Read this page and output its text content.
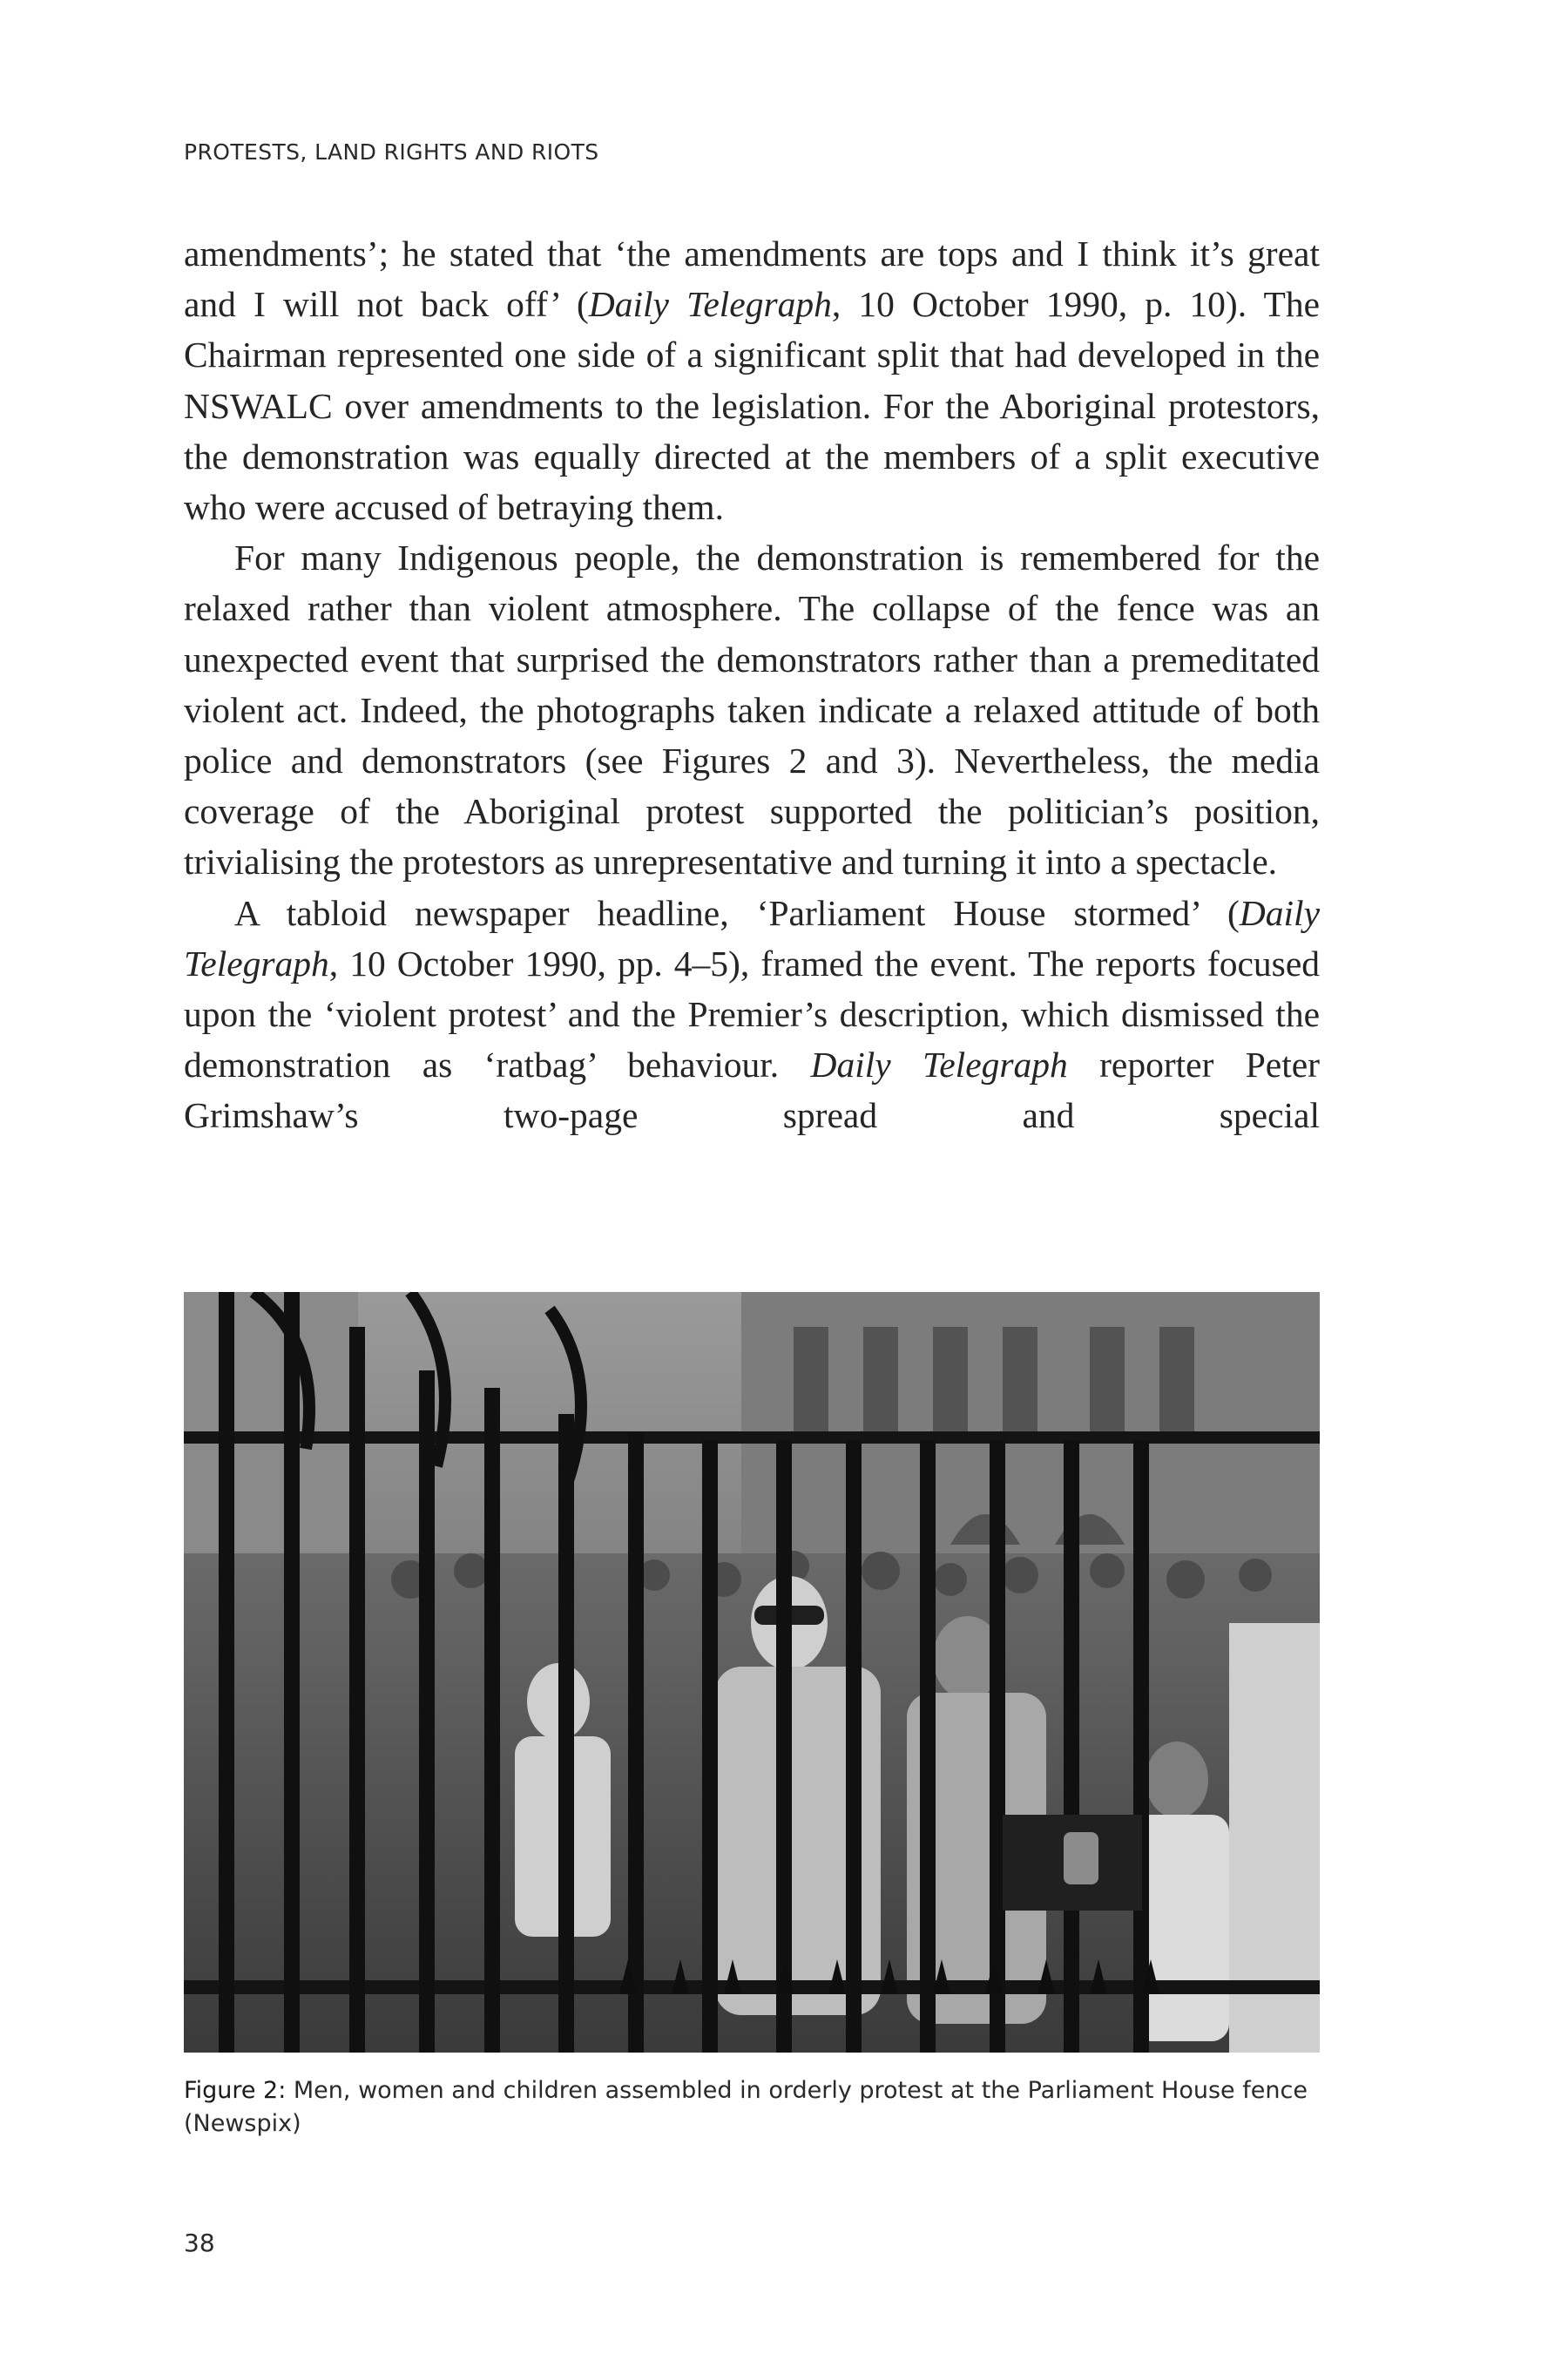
PROTESTS, LAND RIGHTS AND RIOTS

amendments’; he stated that ‘the amendments are tops and I think it’s great and I will not back off’ (Daily Telegraph, 10 October 1990, p. 10). The Chairman represented one side of a significant split that had developed in the NSWALC over amendments to the legislation. For the Aboriginal protestors, the demonstration was equally directed at the members of a split executive who were accused of betraying them.

For many Indigenous people, the demonstration is remembered for the relaxed rather than violent atmosphere. The collapse of the fence was an unexpected event that surprised the demonstrators rather than a premeditated violent act. Indeed, the photographs taken indicate a relaxed attitude of both police and demonstrators (see Figures 2 and 3). Nevertheless, the media coverage of the Aboriginal protest supported the politician’s position, trivialising the protestors as unrepresentative and turning it into a spectacle.

A tabloid newspaper headline, ‘Parliament House stormed’ (Daily Telegraph, 10 October 1990, pp. 4–5), framed the event. The reports focused upon the ‘violent protest’ and the Premier’s description, which dismissed the demonstration as ‘ratbag’ behaviour. Daily Telegraph reporter Peter Grimshaw’s two-page spread and special

Figure 2: Men, women and children assembled in orderly protest at the Parliament House fence (Newspix)
38
